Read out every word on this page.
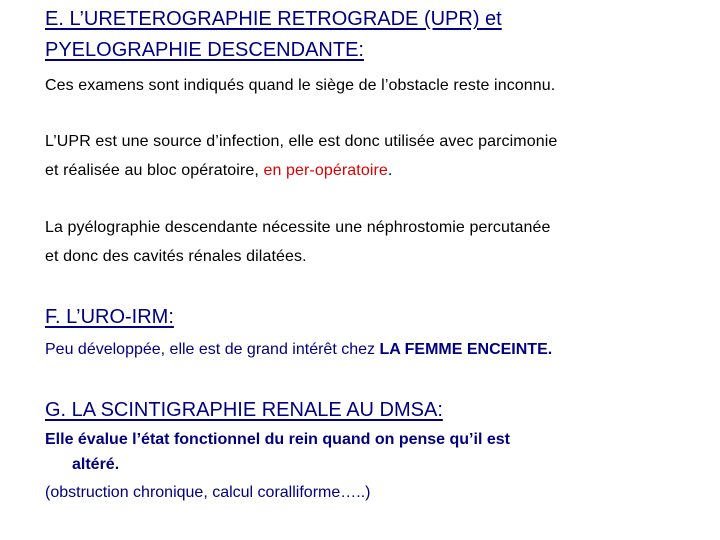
E. L’URETEROGRAPHIE RETROGRADE (UPR) et
PYELOGRAPHIE DESCENDANTE:
Ces examens sont indiqués quand le siège de l’obstacle reste inconnu.
L’UPR est une source d’infection, elle est donc utilisée avec parcimonie
et réalisée au bloc opératoire, en per-opératoire.
La pyélographie descendante nécessite une néphrostomie percutanée
et donc des cavités rénales dilatées.
F. L’URO-IRM:
Peu développée, elle est de grand intérêt chez LA FEMME ENCEINTE.
G. LA SCINTIGRAPHIE RENALE AU DMSA:
Elle évalue l’état fonctionnel du rein quand on pense qu’il est
altéré.
(obstruction chronique, calcul coralliforme…..)
